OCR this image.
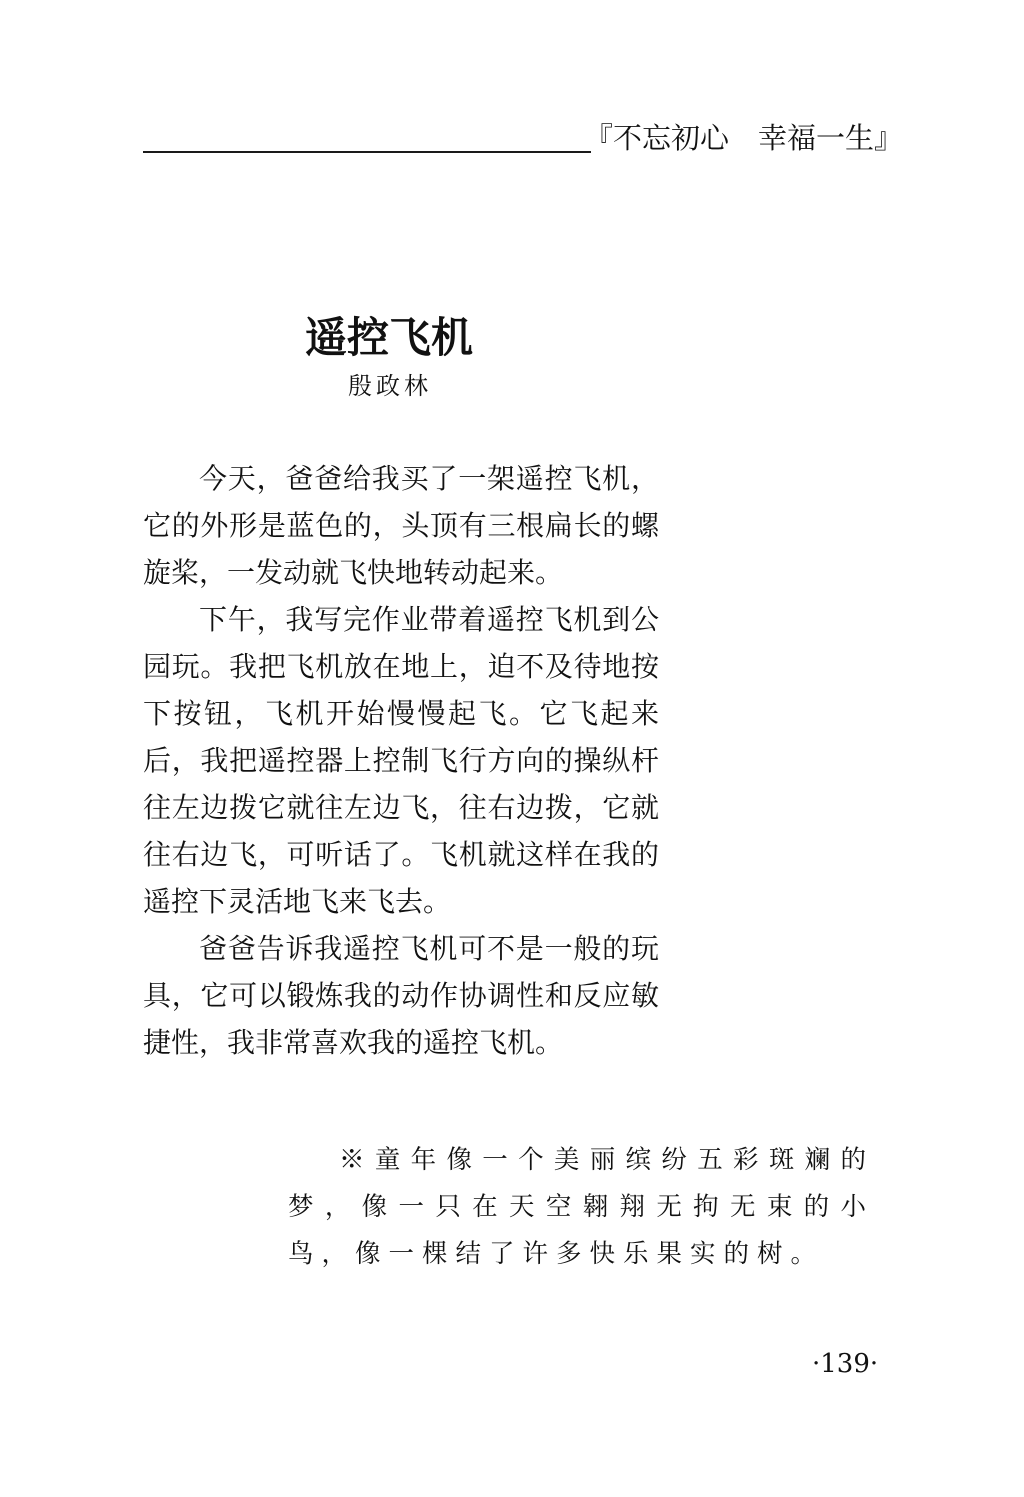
『不忘初心　幸福一生』
遥控飞机
殷政林

今天，爸爸给我买了一架遥控飞机，它的外形是蓝色的，头顶有三根扁长的螺旋桨，一发动就飞快地转动起来。

下午，我写完作业带着遥控飞机到公园玩。我把飞机放在地上，迫不及待地按下按钮，飞机开始慢慢起飞。它飞起来后，我把遥控器上控制飞行方向的操纵杆往左边拨它就往左边飞，往右边拨，它就往右边飞，可听话了。飞机就这样在我的遥控下灵活地飞来飞去。

爸爸告诉我遥控飞机可不是一般的玩具，它可以锻炼我的动作协调性和反应敏捷性，我非常喜欢我的遥控飞机。

※童年像一个美丽缤纷五彩斑斓的梦，像一只在天空翱翔无拘无束的小鸟，像一棵结了许多快乐果实的树。

·139·
